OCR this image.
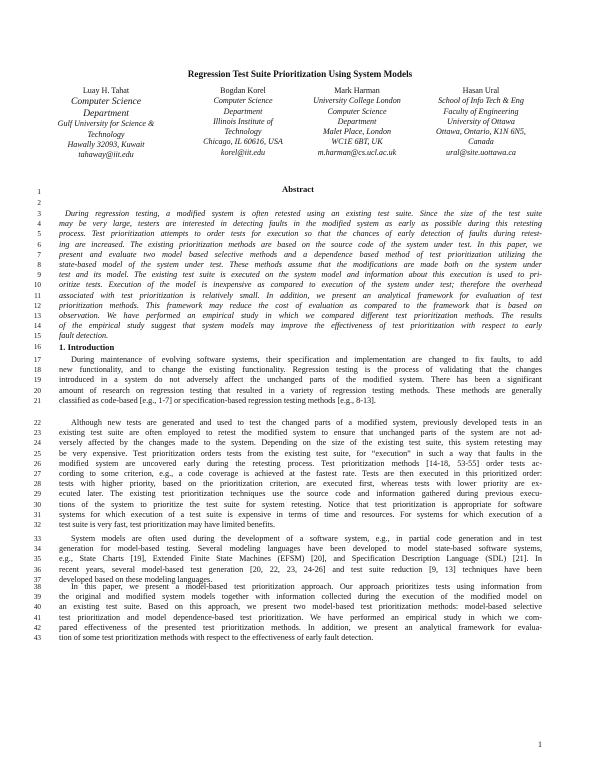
Regression Test Suite Prioritization Using System Models
Luay H. Tahat
Computer Science
Department
Gulf University for Science &
Technology
Hawally 32093, Kuwait
tahaway@iit.edu
Bogdan Korel
Computer Science
Department
Illinois Institute of
Technology
Chicago, IL 60616, USA
korel@iit.edu
Mark Harman
University College London
Computer Science
Department
Malet Place, London
WC1E 6BT, UK
m.harman@cs.ucl.ac.uk
Hasan Ural
School of Info Tech & Eng
Faculty of Engineering
University of Ottawa
Ottawa, Ontario, K1N 6N5,
Canada
ural@site.uottawa.ca
Abstract
During regression testing, a modified system is often retested using an existing test suite. Since the size of the test suite
may be very large, testers are interested in detecting faults in the modified system as early as possible during this retesting
process. Test prioritization attempts to order tests for execution so that the chances of early detection of faults during retest-
ing are increased. The existing prioritization methods are based on the source code of the system under test. In this paper, we
present and evaluate two model based selective methods and a dependence based method of test prioritization utilizing the
state-based model of the system under test. These methods assume that the modifications are made both on the system under
test and its model. The existing test suite is executed on the system model and information about this execution is used to pri-
oritize tests. Execution of the model is inexpensive as compared to execution of the system under test; therefore the overhead
associated with test prioritization is relatively small. In addition, we present an analytical framework for evaluation of test
prioritization methods. This framework may reduce the cost of evaluation as compared to the framework that is based on
observation. We have performed an empirical study in which we compared different test prioritization methods. The results
of the empirical study suggest that system models may improve the effectiveness of test prioritization with respect to early
fault detection.
1. Introduction
During maintenance of evolving software systems, their specification and implementation are changed to fix faults, to add
new functionality, and to change the existing functionality. Regression testing is the process of validating that the changes
introduced in a system do not adversely affect the unchanged parts of the modified system. There has been a significant
amount of research on regression testing that resulted in a variety of regression testing methods. These methods are generally
classified as code-based [e.g., 1-7] or specification-based regression testing methods [e.g., 8-13].
Although new tests are generated and used to test the changed parts of a modified system, previously developed tests in an
existing test suite are often employed to retest the modified system to ensure that unchanged parts of the system are not ad-
versely affected by the changes made to the system. Depending on the size of the existing test suite, this system retesting may
be very expensive. Test prioritization orders tests from the existing test suite, for “execution” in such a way that faults in the
modified system are uncovered early during the retesting process. Test prioritization methods [14-18, 53-55] order tests ac-
cording to some criterion, e.g., a code coverage is achieved at the fastest rate. Tests are then executed in this prioritized order:
tests with higher priority, based on the prioritization criterion, are executed first, whereas tests with lower priority are ex-
ecuted later. The existing test prioritization techniques use the source code and information gathered during previous execu-
tions of the system to prioritize the test suite for system retesting. Notice that test prioritization is appropriate for software
systems for which execution of a test suite is expensive in terms of time and resources. For systems for which execution of a
test suite is very fast, test prioritization may have limited benefits.
System models are often used during the development of a software system, e.g., in partial code generation and in test
generation for model-based testing. Several modeling languages have been developed to model state-based software systems,
e.g., State Charts [19], Extended Finite State Machines (EFSM) [20], and Specification Description Language (SDL) [21]. In
recent years, several model-based test generation [20, 22, 23, 24-26] and test suite reduction [9, 13] techniques have been
developed based on these modeling languages.
In this paper, we present a model-based test prioritization approach. Our approach prioritizes tests using information from
the original and modified system models together with information collected during the execution of the modified model on
an existing test suite. Based on this approach, we present two model-based test prioritization methods: model-based selective
test prioritization and model dependence-based test prioritization. We have performed an empirical study in which we com-
pared effectiveness of the presented test prioritization methods. In addition, we present an analytical framework for evalua-
tion of some test prioritization methods with respect to the effectiveness of early fault detection.
1
2
3
4
5
6
7
8
9
10
11
12
13
14
15
16
17
18
19
20
21
22
23
24
25
26
27
28
29
30
31
32
33
34
35
36
37
38
39
40
41
42
43
1
